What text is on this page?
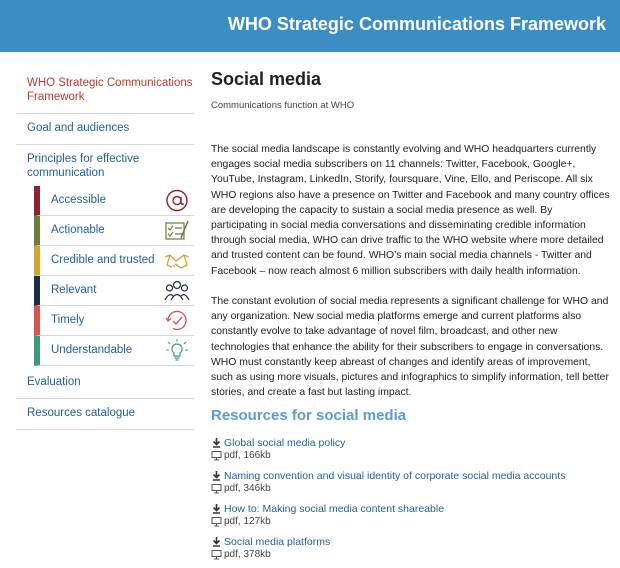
WHO Strategic Communications Framework
WHO Strategic Communications Framework
Goal and audiences
Principles for effective communication
Accessible
Actionable
Credible and trusted
Relevant
Timely
Understandable
Evaluation
Resources catalogue
Social media
Communications function at WHO

The social media landscape is constantly evolving and WHO headquarters currently engages social media subscribers on 11 channels: Twitter, Facebook, Google+, YouTube, Instagram, LinkedIn, Storify, foursquare, Vine, Ello, and Periscope. All six WHO regions also have a presence on Twitter and Facebook and many country offices are developing the capacity to sustain a social media presence as well. By participating in social media conversations and disseminating credible information through social media, WHO can drive traffic to the WHO website where more detailed and trusted content can be found. WHO’s main social media channels - Twitter and Facebook – now reach almost 6 million subscribers with daily health information.

The constant evolution of social media represents a significant challenge for WHO and any organization. New social media platforms emerge and current platforms also constantly evolve to take advantage of novel film, broadcast, and other new technologies that enhance the ability for their subscribers to engage in conversations. WHO must constantly keep abreast of changes and identify areas of improvement, such as using more visuals, pictures and infographics to simplify information, tell better stories, and create a fast but lasting impact.

Resources for social media
Global social media policy
pdf, 166kb
Naming convention and visual identity of corporate social media accounts
pdf, 346kb
How to: Making social media content shareable
pdf, 127kb
Social media platforms
pdf, 378kb
